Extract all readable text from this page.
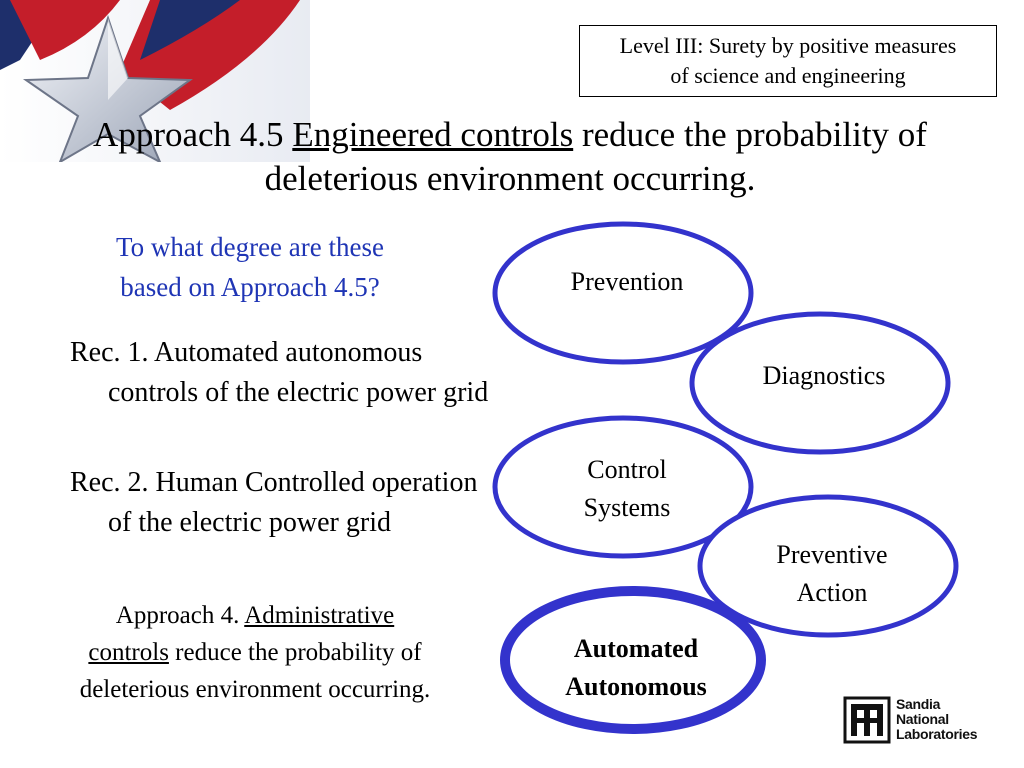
Level III: Surety by positive measures
of science and engineering
Approach 4.5 Engineered controls reduce the probability of deleterious environment occurring.
To what degree are these
based on Approach 4.5?
Rec. 1. Automated autonomous controls of the electric power grid
Rec. 2. Human Controlled operation of the electric power grid
Approach 4. Administrative
controls reduce the probability of deleterious environment occurring.
Prevention
Diagnostics
Control
Systems
Preventive
Action
Automated
Autonomous
Sandia
National
Laboratories
